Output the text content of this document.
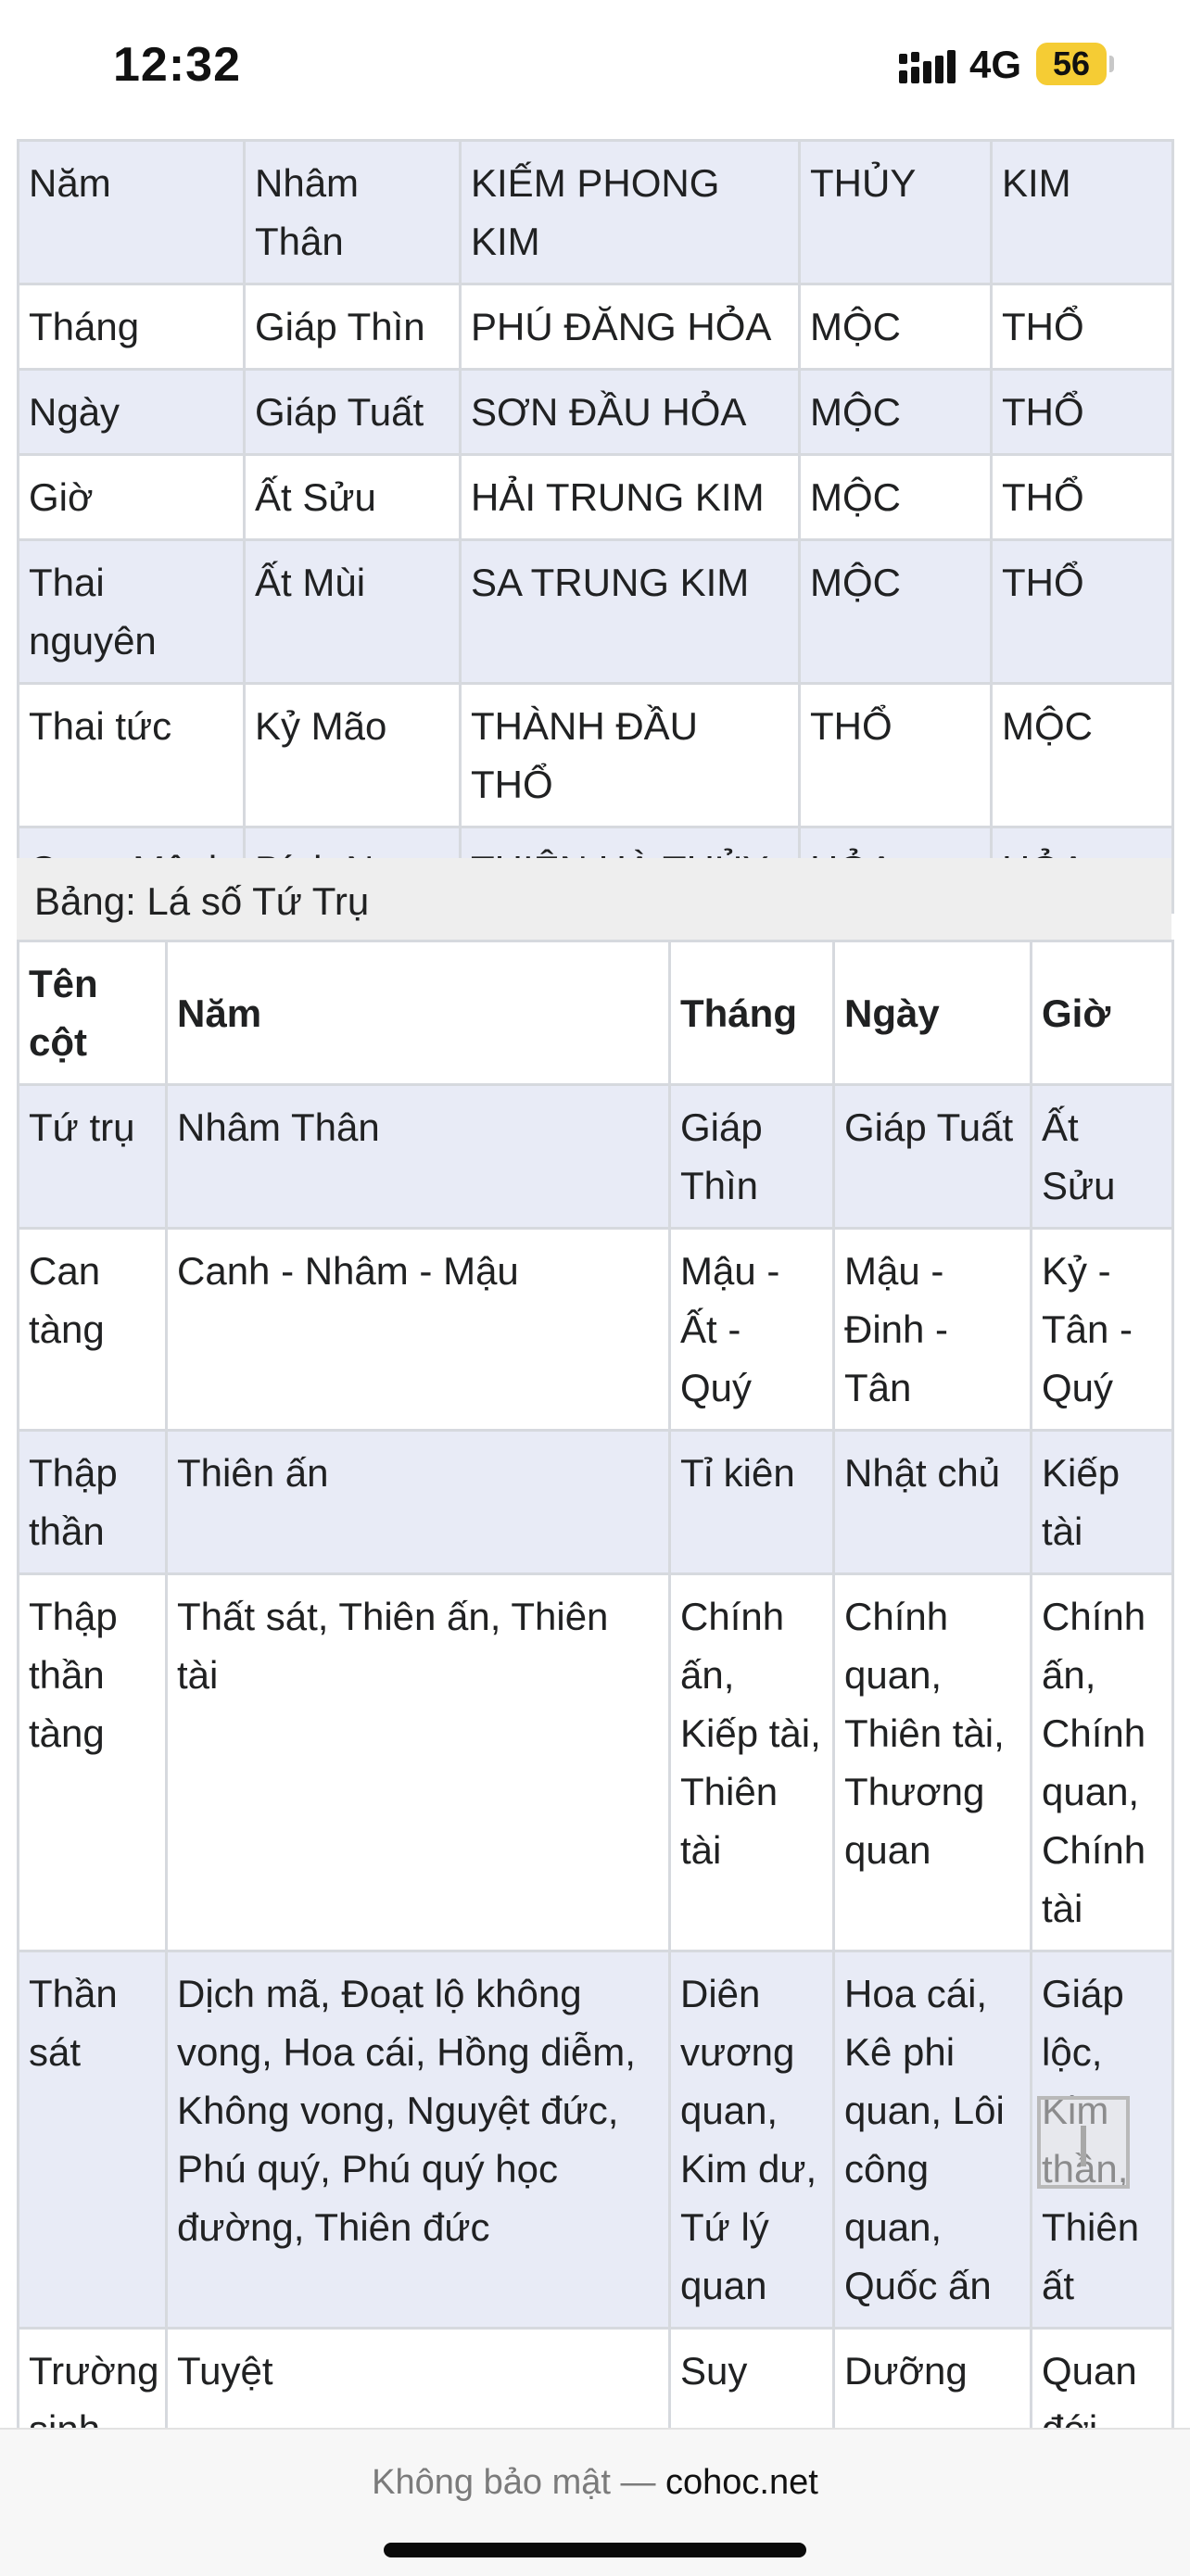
12:32	4G 56
Năm	Nhâm Thân	KIẾM PHONG KIM	THỦY	KIM
Tháng	Giáp Thìn	PHÚ ĐĂNG HỎA	MỘC	THỔ
Ngày	Giáp Tuất	SƠN ĐẦU HỎA	MỘC	THỔ
Giờ	Ất Sửu	HẢI TRUNG KIM	MỘC	THỔ
Thai nguyên	Ất Mùi	SA TRUNG KIM	MỘC	THỔ
Thai tức	Kỷ Mão	THÀNH ĐẦU THỔ	THỔ	MỘC

Bảng: Lá số Tứ Trụ
Tên cột	Năm	Tháng	Ngày	Giờ
Tứ trụ	Nhâm Thân	Giáp Thìn	Giáp Tuất	Ất Sửu
Can tàng	Canh - Nhâm - Mậu	Mậu - Ất - Quý	Mậu - Đinh - Tân	Kỷ - Tân - Quý
Thập thần	Thiên ấn	Tỉ kiên	Nhật chủ	Kiếp tài
Thập thần tàng	Thất sát, Thiên ấn, Thiên tài	Chính ấn, Kiếp tài, Thiên tài	Chính quan, Thiên tài, Thương quan	Chính ấn, Chính quan, Chính tài
Thần sát	Dịch mã, Đoạt lộ không vong, Hoa cái, Hồng diễm, Không vong, Nguyệt đức, Phú quý, Phú quý học đường, Thiên đức	Diên vương quan, Kim dư, Tứ lý quan	Hoa cái, Kê phi quan, Lôi công quan, Quốc ấn	Giáp lộc, Thiên ất
Trường	Tuyệt	Suy	Dưỡng	Quan
Không bảo mật — cohoc.net
